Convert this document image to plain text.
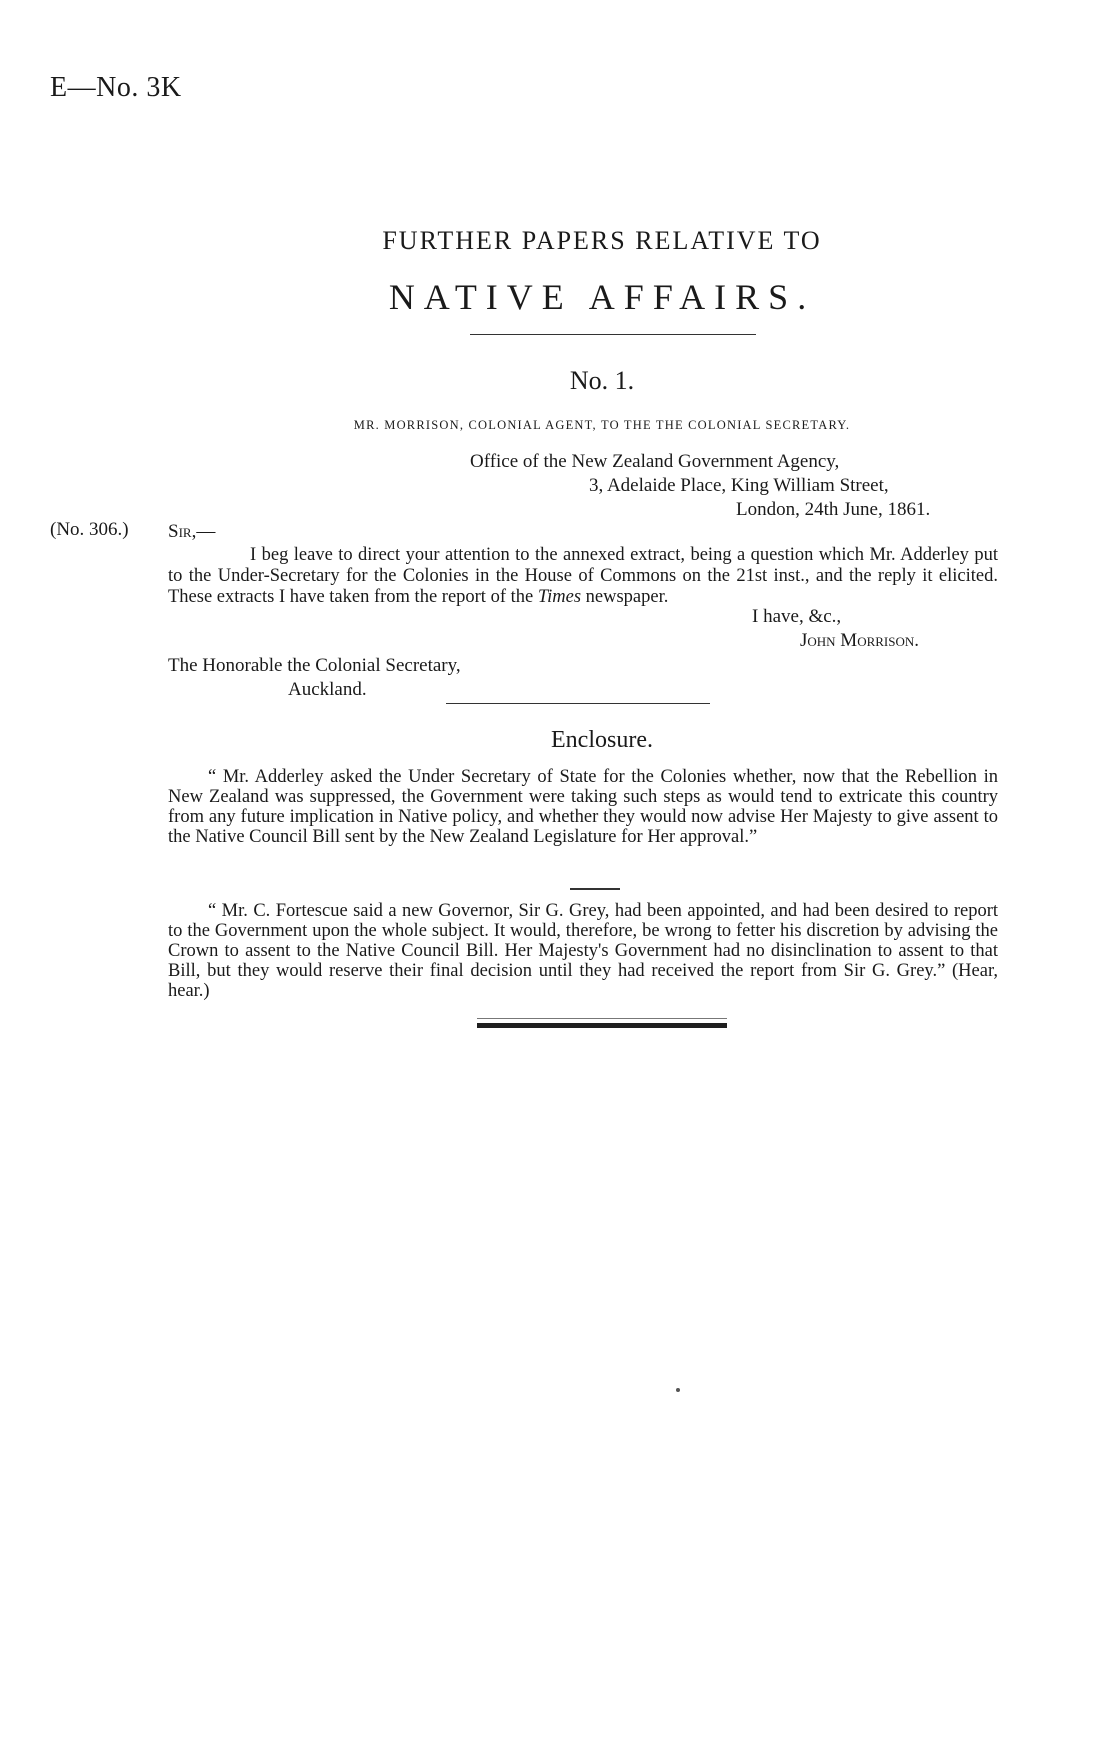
E—No. 3K
FURTHER PAPERS RELATIVE TO
NATIVE AFFAIRS.
No. 1.
MR. MORRISON, COLONIAL AGENT, TO THE THE COLONIAL SECRETARY.
Office of the New Zealand Government Agency,
3, Adelaide Place, King William Street,
London, 24th June, 1861.
(No. 306.) Sir,—

I beg leave to direct your attention to the annexed extract, being a question which Mr. Adderley put to the Under-Secretary for the Colonies in the House of Commons on the 21st inst., and the reply it elicited. These extracts I have taken from the report of the Times newspaper.

I have, &c.,
John Morrison.
The Honorable the Colonial Secretary,
Auckland.
Enclosure.

“ Mr. Adderley asked the Under Secretary of State for the Colonies whether, now that the Rebellion in New Zealand was suppressed, the Government were taking such steps as would tend to extricate this country from any future implication in Native policy, and whether they would now advise Her Majesty to give assent to the Native Council Bill sent by the New Zealand Legislature for Her approval.”

“ Mr. C. Fortescue said a new Governor, Sir G. Grey, had been appointed, and had been desired to report to the Government upon the whole subject. It would, therefore, be wrong to fetter his discretion by advising the Crown to assent to the Native Council Bill. Her Majesty's Government had no disinclination to assent to that Bill, but they would reserve their final decision until they had received the report from Sir G. Grey.” (Hear, hear.)
